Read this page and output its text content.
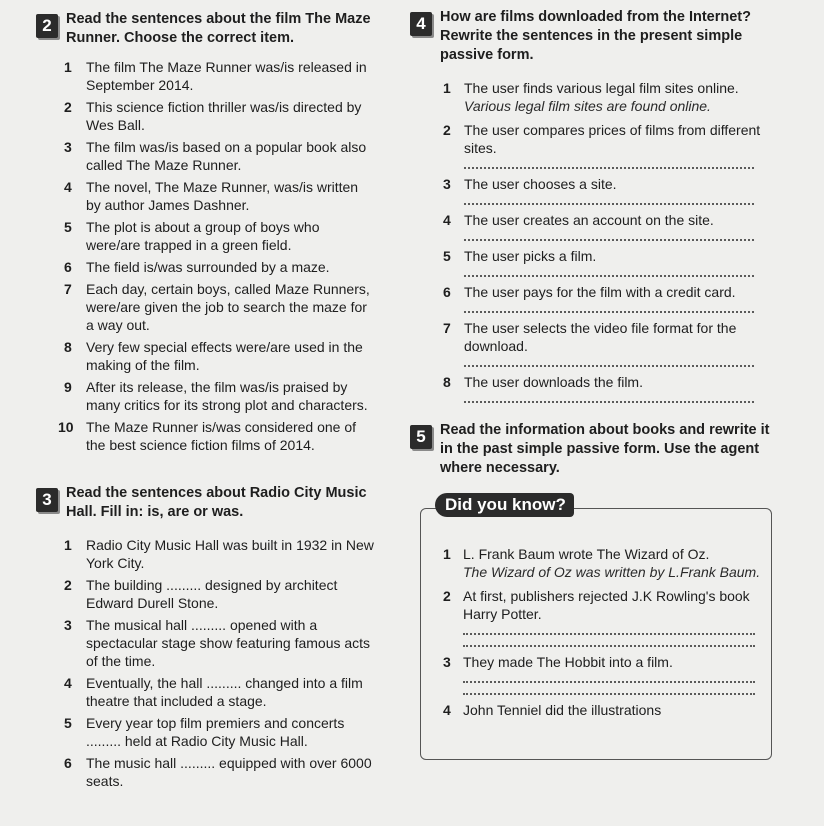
2 Read the sentences about the film The Maze Runner. Choose the correct item.
1 The film The Maze Runner was/is released in September 2014.
2 This science fiction thriller was/is directed by Wes Ball.
3 The film was/is based on a popular book also called The Maze Runner.
4 The novel, The Maze Runner, was/is written by author James Dashner.
5 The plot is about a group of boys who were/are trapped in a green field.
6 The field is/was surrounded by a maze.
7 Each day, certain boys, called Maze Runners, were/are given the job to search the maze for a way out.
8 Very few special effects were/are used in the making of the film.
9 After its release, the film was/is praised by many critics for its strong plot and characters.
10 The Maze Runner is/was considered one of the best science fiction films of 2014.
3 Read the sentences about Radio City Music Hall. Fill in: is, are or was.
1 Radio City Music Hall was built in 1932 in New York City.
2 The building ......... designed by architect Edward Durell Stone.
3 The musical hall ......... opened with a spectacular stage show featuring famous acts of the time.
4 Eventually, the hall ......... changed into a film theatre that included a stage.
5 Every year top film premiers and concerts ......... held at Radio City Music Hall.
6 The music hall ......... equipped with over 6000 seats.
4 How are films downloaded from the Internet? Rewrite the sentences in the present simple passive form.
1 The user finds various legal film sites online.
Various legal film sites are found online.
2 The user compares prices of films from different sites.
3 The user chooses a site.
4 The user creates an account on the site.
5 The user picks a film.
6 The user pays for the film with a credit card.
7 The user selects the video file format for the download.
8 The user downloads the film.
5 Read the information about books and rewrite it in the past simple passive form. Use the agent where necessary.
Did you know?
1 L. Frank Baum wrote The Wizard of Oz.
The Wizard of Oz was written by L.Frank Baum.
2 At first, publishers rejected J.K Rowling's book Harry Potter.
3 They made The Hobbit into a film.
4 John Tenniel did the illustrations
